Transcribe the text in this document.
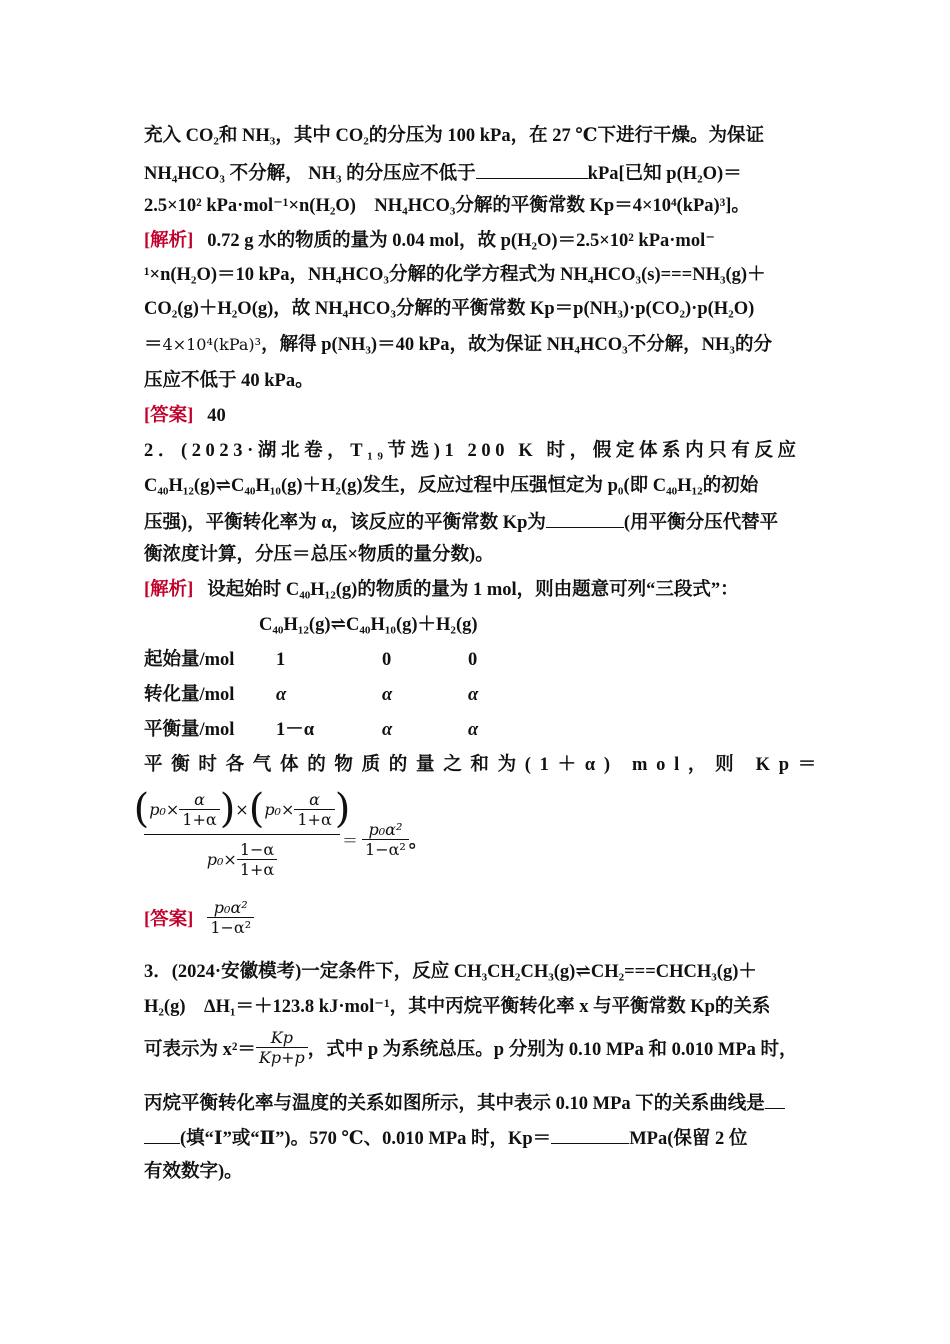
充入 CO₂和 NH₃，其中 CO₂的分压为 100 kPa，在 27 ℃下进行干燥。为保证
NH₄HCO₃ 不分解， NH₃ 的分压应不低于	kPa[已知 p(H₂O)＝
2.5×10² kPa·mol⁻¹×n(H₂O)　NH₄HCO₃分解的平衡常数 Kp＝4×10⁴(kPa)³]。
[解析] 0.72 g 水的物质的量为 0.04 mol，故 p(H₂O)＝2.5×10² kPa·mol⁻
¹×n(H₂O)＝10 kPa，NH₄HCO₃分解的化学方程式为 NH₄HCO₃(s)===NH₃(g)＋
CO₂(g)＋H₂O(g)，故 NH₄HCO₃分解的平衡常数 Kp＝p(NH₃)·p(CO₂)·p(H₂O)
＝4×10⁴(kPa)³，解得 p(NH₃)＝40 kPa，故为保证 NH₄HCO₃不分解，NH₃的分
压应不低于 40 kPa。
[答案] 40
2．(2023·湖北卷，T₁₉节选)1 200 K 时，假定体系内只有反应
C₄₀H₁₂(g)⇌C₄₀H₁₀(g)＋H₂(g)发生，反应过程中压强恒定为 p₀(即 C₄₀H₁₂的初始
压强)，平衡转化率为 α，该反应的平衡常数 Kp为	(用平衡分压代替平
衡浓度计算，分压＝总压×物质的量分数)。
[解析] 设起始时 C₄₀H₁₂(g)的物质的量为 1 mol，则由题意可列“三段式”：
C₄₀H₁₂(g)⇌C₄₀H₁₀(g)＋H₂(g)
起始量/mol 1	0	0
转化量/mol α	α	α
平衡量/mol 1－α	α	α
平衡时各气体的物质的量之和为(1＋α) mol，则 Kp＝
( $p_0 \times \frac{\alpha}{1+\alpha}$ ) × ( $p_0 \times \frac{\alpha}{1+\alpha}$ )
$p_0 \times \frac{1-\alpha}{1+\alpha}$	＝ $\frac{\text{p₀α²}}{\text{1−α²}}$ 。
[答案] $\frac{\text{p₀α²}}{\text{1−α²}}$
3．(2024·安徽模考)一定条件下，反应 CH₃CH₂CH₃(g)⇌CH₂===CHCH₃(g)＋
H₂(g)　ΔH₁＝＋123.8 kJ·mol⁻¹，其中丙烷平衡转化率 x 与平衡常数 Kp的关系
可表示为 $x^2= \frac{Kp}{Kp+p}$ ，式中 p 为系统总压。p 分别为 0.10 MPa 和 0.010 MPa 时，
丙烷平衡转化率与温度的关系如图所示，其中表示 0.10 MPa 下的关系曲线是
(填“Ⅰ”或“Ⅱ”)。570 ℃、0.010 MPa 时，Kp＝	MPa(保留 2 位
有效数字)。
